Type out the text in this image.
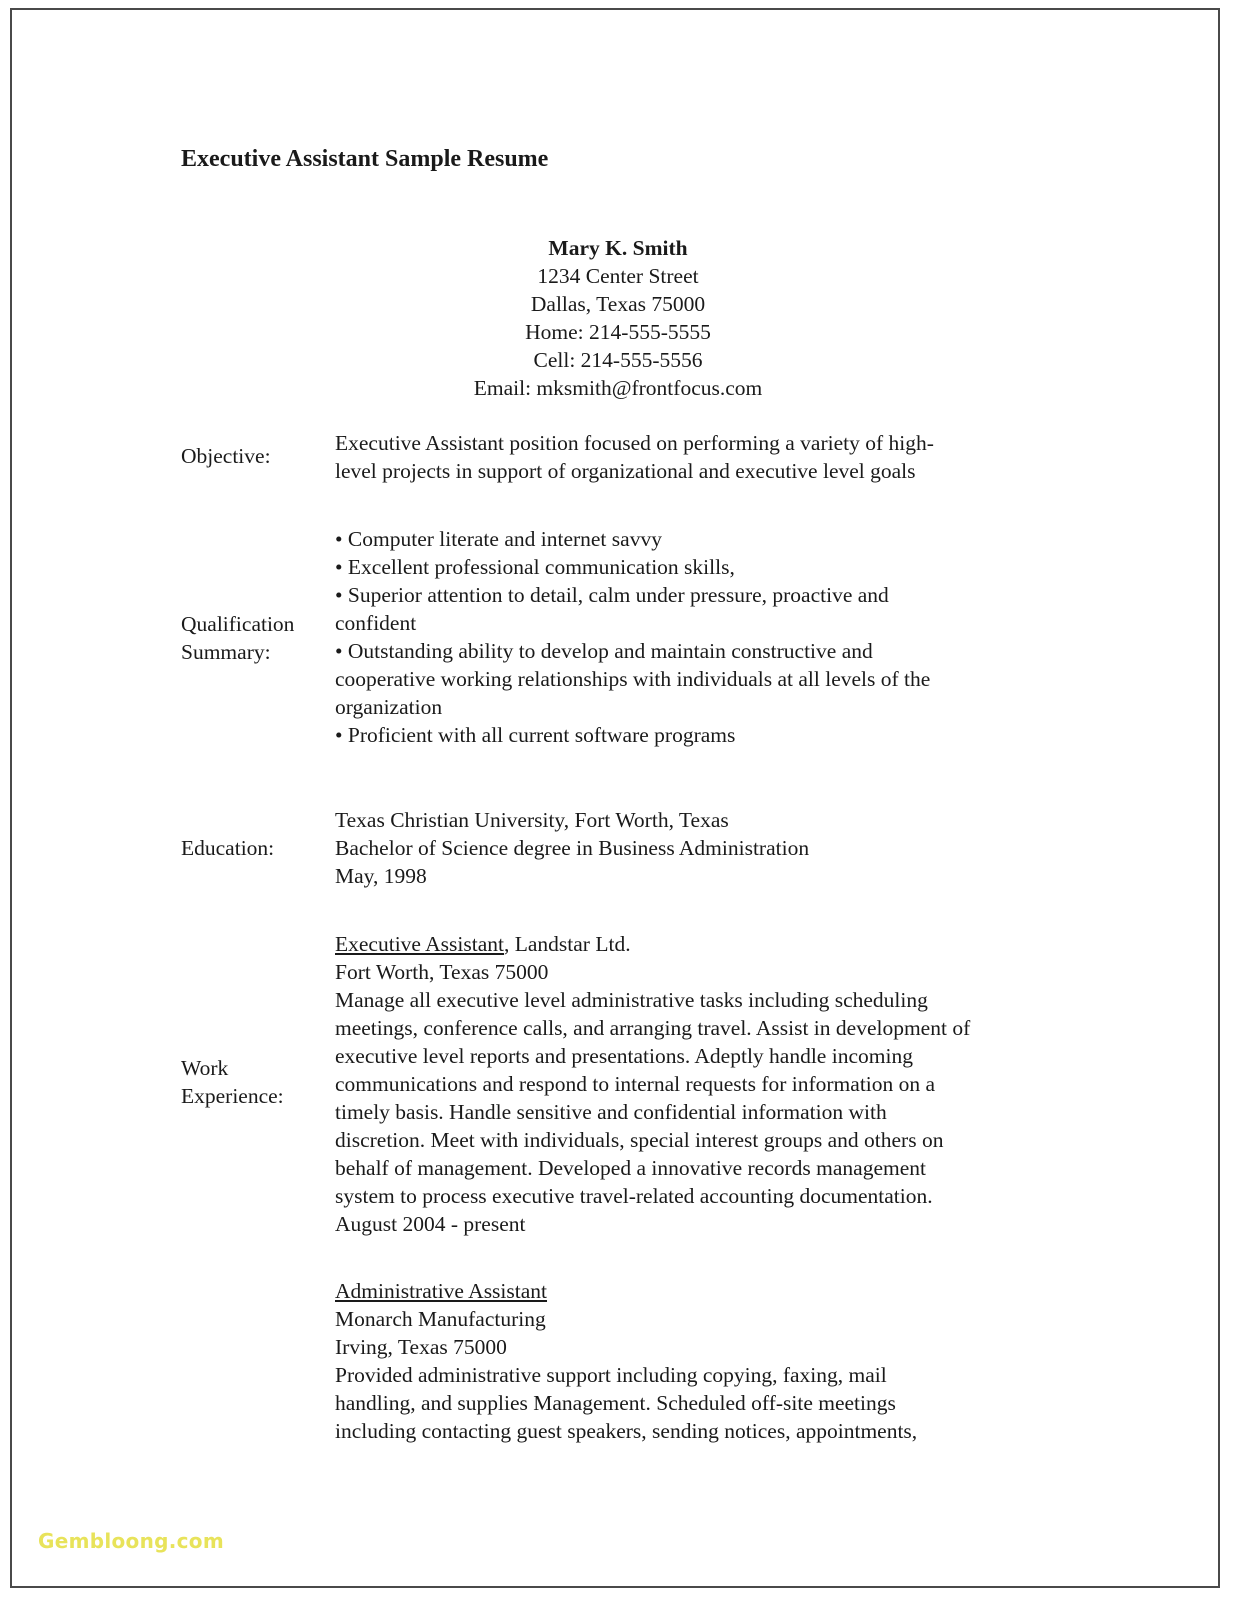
Executive Assistant Sample Resume
Mary K. Smith
1234 Center Street
Dallas, Texas 75000
Home: 214-555-5555
Cell: 214-555-5556
Email: mksmith@frontfocus.com
Objective:
Executive Assistant position focused on performing a variety of high-
level projects in support of organizational and executive level goals
Qualification
Summary:
• Computer literate and internet savvy
• Excellent professional communication skills,
• Superior attention to detail, calm under pressure, proactive and
confident
• Outstanding ability to develop and maintain constructive and
cooperative working relationships with individuals at all levels of the
organization
• Proficient with all current software programs
Education:
Texas Christian University, Fort Worth, Texas
Bachelor of Science degree in Business Administration
May, 1998
Work
Experience:
Executive Assistant, Landstar Ltd.
Fort Worth, Texas 75000
Manage all executive level administrative tasks including scheduling
meetings, conference calls, and arranging travel. Assist in development of
executive level reports and presentations. Adeptly handle incoming
communications and respond to internal requests for information on a
timely basis. Handle sensitive and confidential information with
discretion. Meet with individuals, special interest groups and others on
behalf of management. Developed a innovative records management
system to process executive travel-related accounting documentation.
August 2004 - present
Administrative Assistant
Monarch Manufacturing
Irving, Texas 75000
Provided administrative support including copying, faxing, mail
handling, and supplies Management. Scheduled off-site meetings
including contacting guest speakers, sending notices, appointments,
Gembloong.com
